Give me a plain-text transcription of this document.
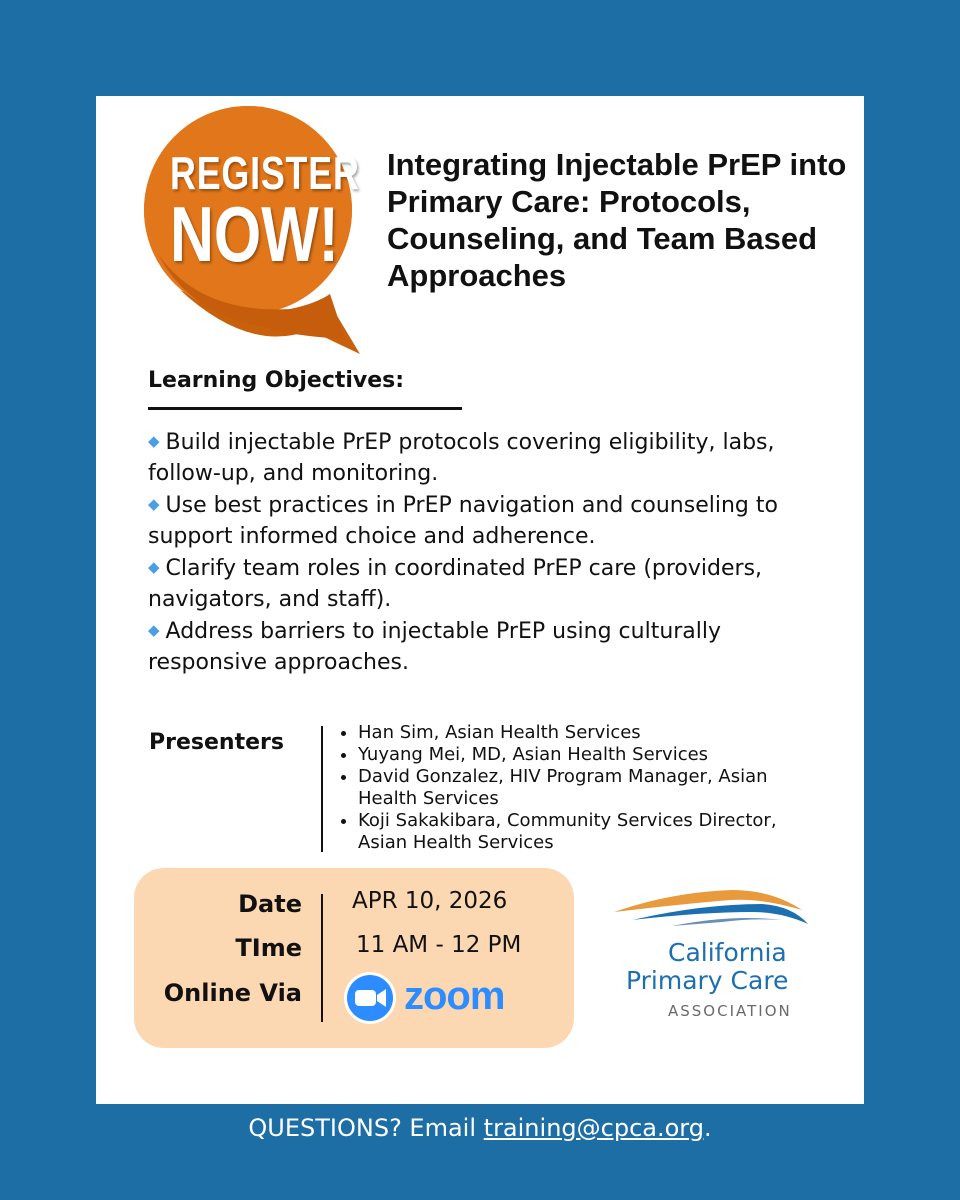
REGISTER
NOW!
Integrating Injectable PrEP into Primary Care: Protocols, Counseling, and Team Based Approaches
Learning Objectives:
◆ Build injectable PrEP protocols covering eligibility, labs, follow-up, and monitoring.
◆ Use best practices in PrEP navigation and counseling to support informed choice and adherence.
◆ Clarify team roles in coordinated PrEP care (providers, navigators, and staff).
◆ Address barriers to injectable PrEP using culturally responsive approaches.
Presenters
•	Han Sim, Asian Health Services
• Yuyang Mei, MD, Asian Health Services
• David Gonzalez, HIV Program Manager, Asian Health Services
• Koji Sakakibara, Community Services Director, Asian Health Services
Date
TIme
Online Via
APR 10, 2026
11 AM - 12 PM
zoom
California
Primary Care
ASSOCIATION
QUESTIONS? Email training@cpca.org.
